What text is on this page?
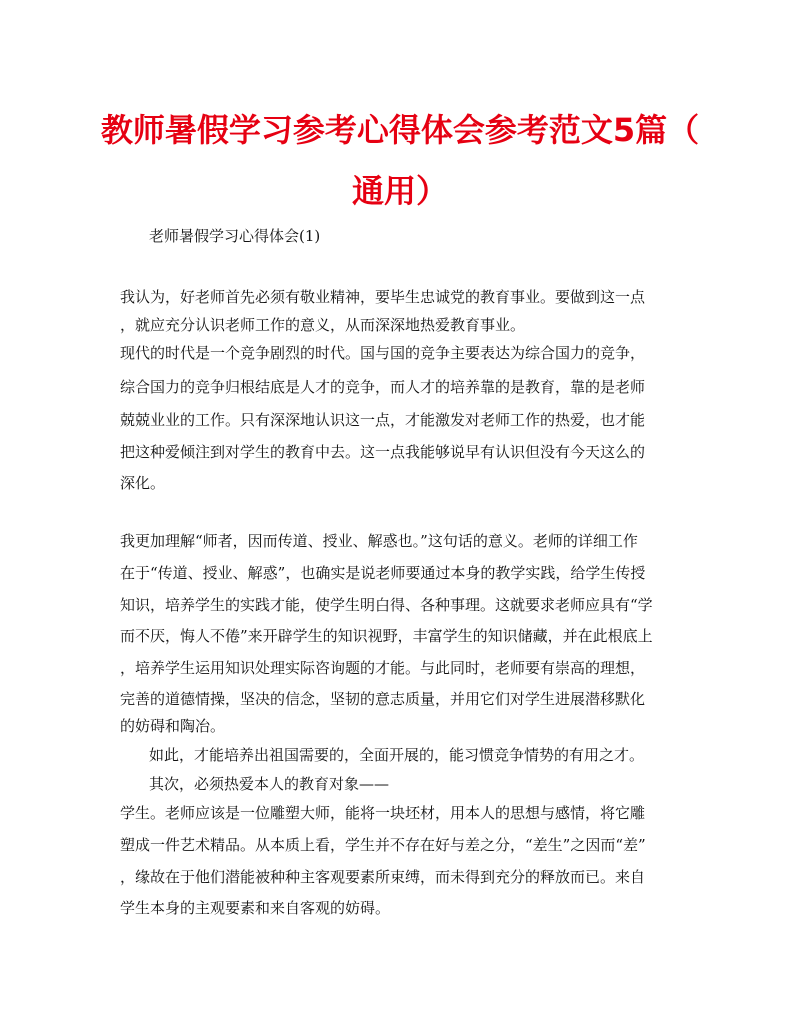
教师暑假学习参考心得体会参考范文5篇（
通用）
老师暑假学习心得体会(1)
我认为，好老师首先必须有敬业精神，要毕生忠诚党的教育事业。要做到这一点
，就应充分认识老师工作的意义，从而深深地热爱教育事业。
现代的时代是一个竞争剧烈的时代。国与国的竞争主要表达为综合国力的竞争，
综合国力的竞争归根结底是人才的竞争，而人才的培养靠的是教育，靠的是老师
兢兢业业的工作。只有深深地认识这一点，才能激发对老师工作的热爱，也才能
把这种爱倾注到对学生的教育中去。这一点我能够说早有认识但没有今天这么的
深化。
我更加理解“师者，因而传道、授业、解惑也。”这句话的意义。老师的详细工作
在于“传道、授业、解惑”，也确实是说老师要通过本身的教学实践，给学生传授
知识，培养学生的实践才能，使学生明白得、各种事理。这就要求老师应具有“学
而不厌，悔人不倦”来开辟学生的知识视野，丰富学生的知识储藏，并在此根底上
，培养学生运用知识处理实际咨询题的才能。与此同时，老师要有崇高的理想，
完善的道德情操，坚决的信念，坚韧的意志质量，并用它们对学生进展潜移默化
的妨碍和陶冶。
如此，才能培养出祖国需要的，全面开展的，能习惯竞争情势的有用之才。
其次，必须热爱本人的教育对象——
学生。老师应该是一位雕塑大师，能将一块坯材，用本人的思想与感情，将它雕
塑成一件艺术精品。从本质上看，学生并不存在好与差之分，“差生”之因而“差”
，缘故在于他们潜能被种种主客观要素所束缚，而未得到充分的释放而已。来自
学生本身的主观要素和来自客观的妨碍。
